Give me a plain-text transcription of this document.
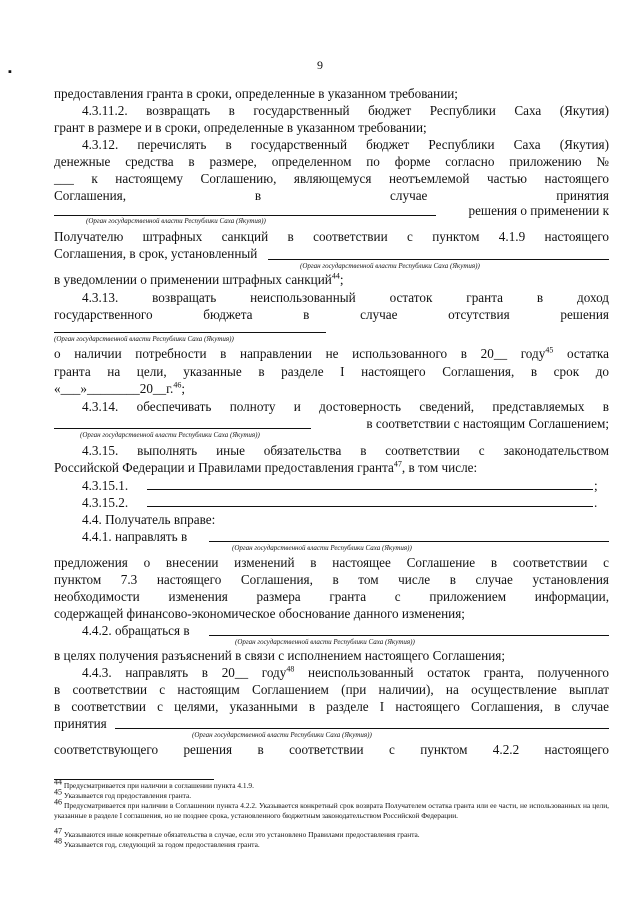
▪	9
предоставления гранта в сроки, определенные в указанном требовании;
4.3.11.2. возвращать в государственный бюджет Республики Саха (Якутия)
грант в размере и в сроки, определенные в указанном требовании;
4.3.12. перечислять в государственный бюджет Республики Саха (Якутия)
денежные средства в размере, определенном по форме согласно приложению №
___ к настоящему Соглашению, являющемуся неотъемлемой частью настоящего
Соглашения, в случае принятия
решения о применении к
(Орган государственной власти Республики Саха (Якутия))
Получателю штрафных санкций в соответствии с пунктом 4.1.9 настоящего
Соглашения, в срок, установленный
(Орган государственной власти Республики Саха (Якутия))
в уведомлении о применении штрафных санкций$^{44}$;
4.3.13. возвращать неиспользованный остаток гранта в доход
государственного бюджета в случае отсутствия решения
(Орган государственной власти Республики Саха (Якутия))
о наличии потребности в направлении не использованного в 20__ году$^{45}$ остатка
гранта на цели, указанные в разделе I настоящего Соглашения, в срок до
«___»________20__г.$^{46}$;
4.3.14. обеспечивать полноту и достоверность сведений, представляемых в
в соответствии с настоящим Соглашением;
(Орган государственной власти Республики Саха (Якутия))
4.3.15. выполнять иные обязательства в соответствии с законодательством
Российской Федерации и Правилами предоставления гранта$^{47}$, в том числе:
4.3.15.1.	;
4.3.15.2.	.
4.4. Получатель вправе:
4.4.1. направлять в
(Орган государственной власти Республики Саха (Якутия))
предложения о внесении изменений в настоящее Соглашение в соответствии с
пунктом 7.3 настоящего Соглашения, в том числе в случае установления
необходимости изменения размера гранта с приложением информации,
содержащей финансово-экономическое обоснование данного изменения;
4.4.2. обращаться в
(Орган государственной власти Республики Саха (Якутия))
в целях получения разъяснений в связи с исполнением настоящего Соглашения;
4.4.3. направлять в 20__ году$^{48}$ неиспользованный остаток гранта, полученного
в соответствии с настоящим Соглашением (при наличии), на осуществление выплат
в соответствии с целями, указанными в разделе I настоящего Соглашения, в случае
принятия
(Орган государственной власти Республики Саха (Якутия))
соответствующего решения в соответствии с пунктом 4.2.2 настоящего
$^{44}$ Предусматривается при наличии в соглашении пункта 4.1.9.
$^{45}$ Указывается год предоставления гранта.
$^{46}$ Предусматривается при наличии в Соглашении пункта 4.2.2. Указывается конкретный срок возврата Получателем остатка гранта или ее части, не использованных на цели, указанные в разделе I соглашения, но не позднее срока, установленного бюджетным законодательством Российской Федерации.
$^{47}$ Указываются иные конкретные обязательства в случае, если это установлено Правилами предоставления гранта.
$^{48}$ Указывается год, следующий за годом предоставления гранта.
